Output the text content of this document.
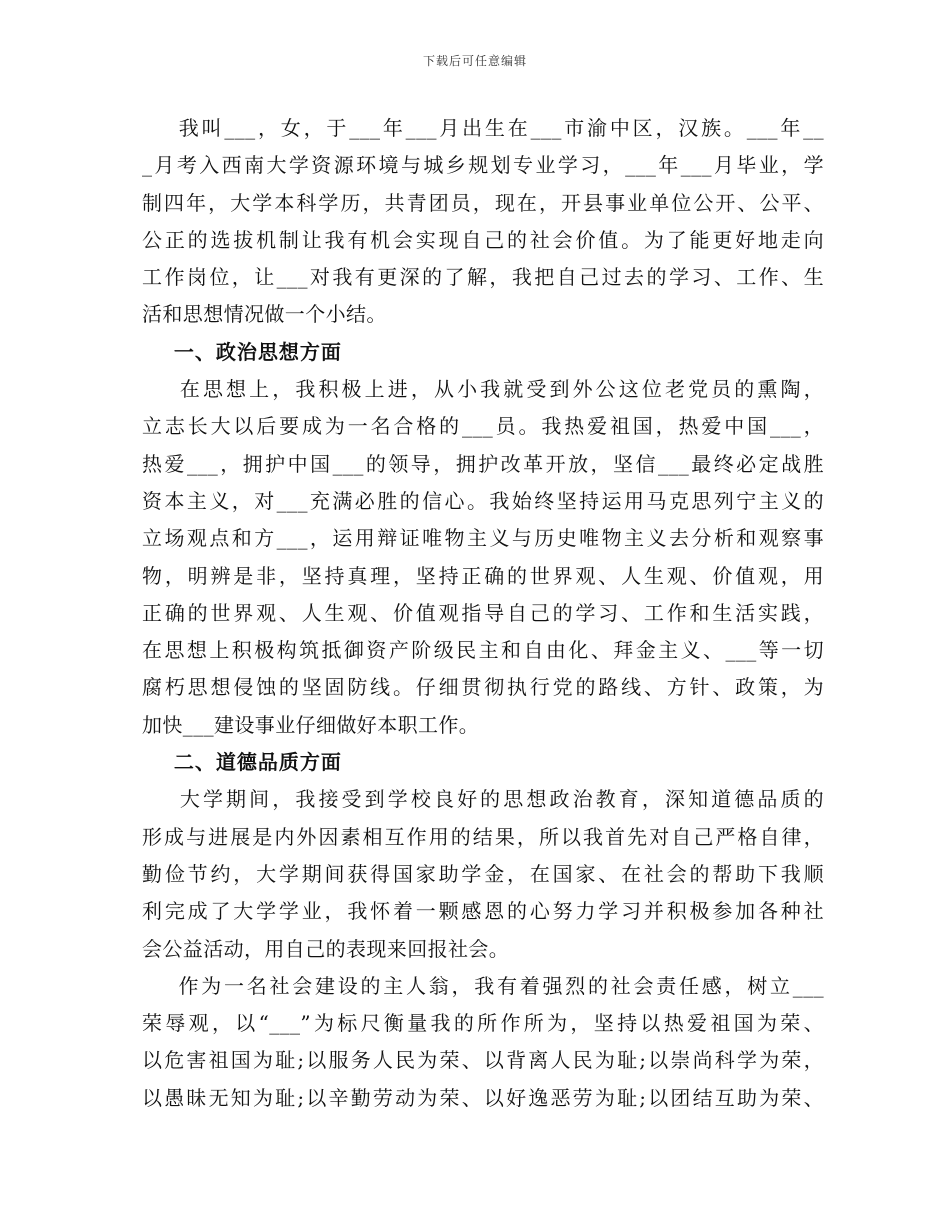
下载后可任意编辑
我叫___，女，于___年___月出生在___市渝中区，汉族。___年__
_月考入西南大学资源环境与城乡规划专业学习，___年___月毕业，学
制四年，大学本科学历，共青团员，现在，开县事业单位公开、公平、
公正的选拔机制让我有机会实现自己的社会价值。为了能更好地走向
工作岗位，让___对我有更深的了解，我把自己过去的学习、工作、生
活和思想情况做一个小结。
一、政治思想方面
在思想上，我积极上进，从小我就受到外公这位老党员的熏陶，
立志长大以后要成为一名合格的___员。我热爱祖国，热爱中国___，
热爱___，拥护中国___的领导，拥护改革开放，坚信___最终必定战胜
资本主义，对___充满必胜的信心。我始终坚持运用马克思列宁主义的
立场观点和方___，运用辩证唯物主义与历史唯物主义去分析和观察事
物，明辨是非，坚持真理，坚持正确的世界观、人生观、价值观，用
正确的世界观、人生观、价值观指导自己的学习、工作和生活实践，
在思想上积极构筑抵御资产阶级民主和自由化、拜金主义、___等一切
腐朽思想侵蚀的坚固防线。仔细贯彻执行党的路线、方针、政策，为
加快___建设事业仔细做好本职工作。
二、道德品质方面
大学期间，我接受到学校良好的思想政治教育，深知道德品质的
形成与进展是内外因素相互作用的结果，所以我首先对自己严格自律，
勤俭节约，大学期间获得国家助学金，在国家、在社会的帮助下我顺
利完成了大学学业，我怀着一颗感恩的心努力学习并积极参加各种社
会公益活动，用自己的表现来回报社会。
作为一名社会建设的主人翁，我有着强烈的社会责任感，树立___
荣辱观，以“___”为标尺衡量我的所作所为，坚持以热爱祖国为荣、
以危害祖国为耻;以服务人民为荣、以背离人民为耻;以崇尚科学为荣，
以愚昧无知为耻;以辛勤劳动为荣、以好逸恶劳为耻;以团结互助为荣、
